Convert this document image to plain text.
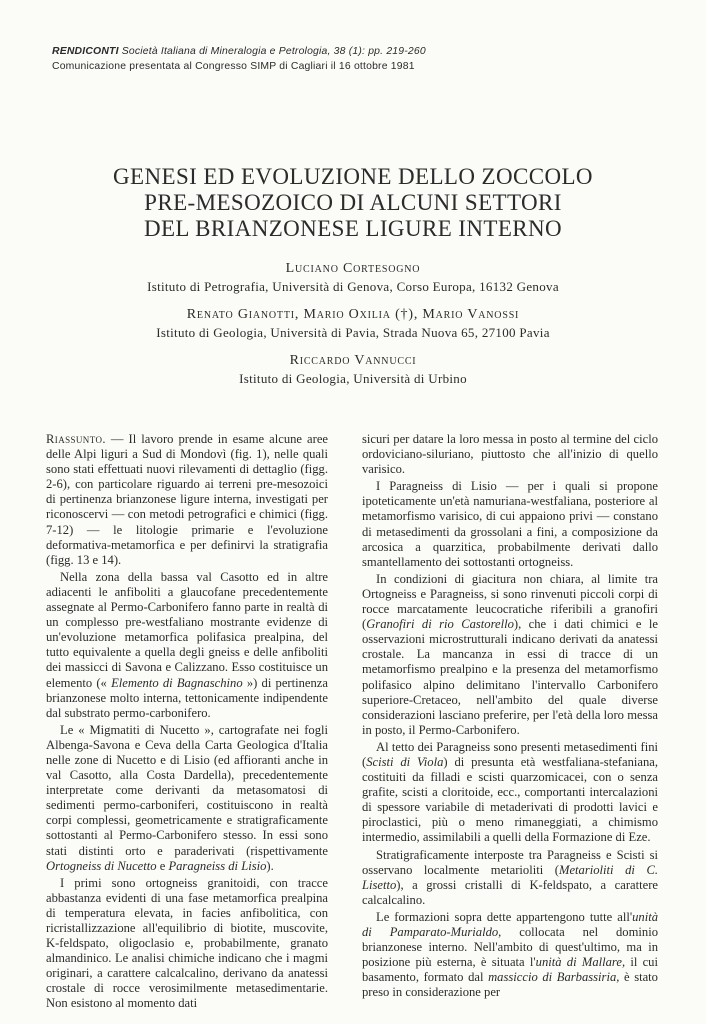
RENDICONTI Società Italiana di Mineralogia e Petrologia, 38 (1): pp. 219-260
Comunicazione presentata al Congresso SIMP di Cagliari il 16 ottobre 1981
GENESI ED EVOLUZIONE DELLO ZOCCOLO
PRE-MESOZOICO DI ALCUNI SETTORI
DEL BRIANZONESE LIGURE INTERNO
Luciano Cortesogno
Istituto di Petrografia, Università di Genova, Corso Europa, 16132 Genova
Renato Gianotti, Mario Oxilia (†), Mario Vanossi
Istituto di Geologia, Università di Pavia, Strada Nuova 65, 27100 Pavia
Riccardo Vannucci
Istituto di Geologia, Università di Urbino

Riassunto. — Il lavoro prende in esame alcune aree delle Alpi liguri a Sud di Mondovì (fig. 1), nelle quali sono stati effettuati nuovi rilevamenti di dettaglio (figg. 2-6), con particolare riguardo ai terreni pre-mesozoici di pertinenza brianzonese ligure interna, investigati per riconoscervi — con metodi petrografici e chimici (figg. 7-12) — le litologie primarie e l'evoluzione deformativa-metamorfica e per definirvi la stratigrafia (figg. 13 e 14).

Nella zona della bassa val Casotto ed in altre adiacenti le anfiboliti a glaucofane precedentemente assegnate al Permo-Carbonifero fanno parte in realtà di un complesso pre-westfaliano mostrante evidenze di un'evoluzione metamorfica polifasica prealpina, del tutto equivalente a quella degli gneiss e delle anfiboliti dei massicci di Savona e Calizzano. Esso costituisce un elemento (« Elemento di Bagnaschino ») di pertinenza brianzonese molto interna, tettonicamente indipendente dal substrato permo-carbonifero.

Le « Migmatiti di Nucetto », cartografate nei fogli Albenga-Savona e Ceva della Carta Geologica d'Italia nelle zone di Nucetto e di Lisio (ed affioranti anche in val Casotto, alla Costa Dardella), precedentemente interpretate come derivanti da metasomatosi di sedimenti permo-carboniferi, costituiscono in realtà corpi complessi, geometricamente e stratigraficamente sottostanti al Permo-Carbonifero stesso. In essi sono stati distinti orto e paraderivati (rispettivamente Ortogneiss di Nucetto e Paragneiss di Lisio).

I primi sono ortogneiss granitoidi, con tracce abbastanza evidenti di una fase metamorfica prealpina di temperatura elevata, in facies anfibolitica, con ricristallizzazione all'equilibrio di biotite, muscovite, K-feldspato, oligoclasio e, probabilmente, granato almandinico. Le analisi chimiche indicano che i magmi originari, a carattere calcalcalino, derivano da anatessi crostale di rocce verosimilmente metasedimentarie. Non esistono al momento dati

sicuri per datare la loro messa in posto al termine del ciclo ordoviciano-siluriano, piuttosto che all'inizio di quello varisico.

I Paragneiss di Lisio — per i quali si propone ipoteticamente un'età namuriana-westfaliana, posteriore al metamorfismo varisico, di cui appaiono privi — constano di metasedimenti da grossolani a fini, a composizione da arcosica a quarzitica, probabilmente derivati dallo smantellamento dei sottostanti ortogneiss.

In condizioni di giacitura non chiara, al limite tra Ortogneiss e Paragneiss, si sono rinvenuti piccoli corpi di rocce marcatamente leucocratiche riferibili a granofiri (Granofiri di rio Castorello), che i dati chimici e le osservazioni microstrutturali indicano derivati da anatessi crostale. La mancanza in essi di tracce di un metamorfismo prealpino e la presenza del metamorfismo polifasico alpino delimitano l'intervallo Carbonifero superiore-Cretaceo, nell'ambito del quale diverse considerazioni lasciano preferire, per l'età della loro messa in posto, il Permo-Carbonifero.

Al tetto dei Paragneiss sono presenti metasedimenti fini (Scisti di Viola) di presunta età westfaliana-stefaniana, costituiti da filladi e scisti quarzomicacei, con o senza grafite, scisti a cloritoide, ecc., comportanti intercalazioni di spessore variabile di metaderivati di prodotti lavici e piroclastici, più o meno rimaneggiati, a chimismo intermedio, assimilabili a quelli della Formazione di Eze.

Stratigraficamente interposte tra Paragneiss e Scisti si osservano localmente metarioliti (Metarioliti di C. Lisetto), a grossi cristalli di K-feldspato, a carattere calcalcalino.

Le formazioni sopra dette appartengono tutte all'unità di Pamparato-Murialdo, collocata nel dominio brianzonese interno. Nell'ambito di quest'ultimo, ma in posizione più esterna, è situata l'unità di Mallare, il cui basamento, formato dal massiccio di Barbassiria, è stato preso in considerazione per
